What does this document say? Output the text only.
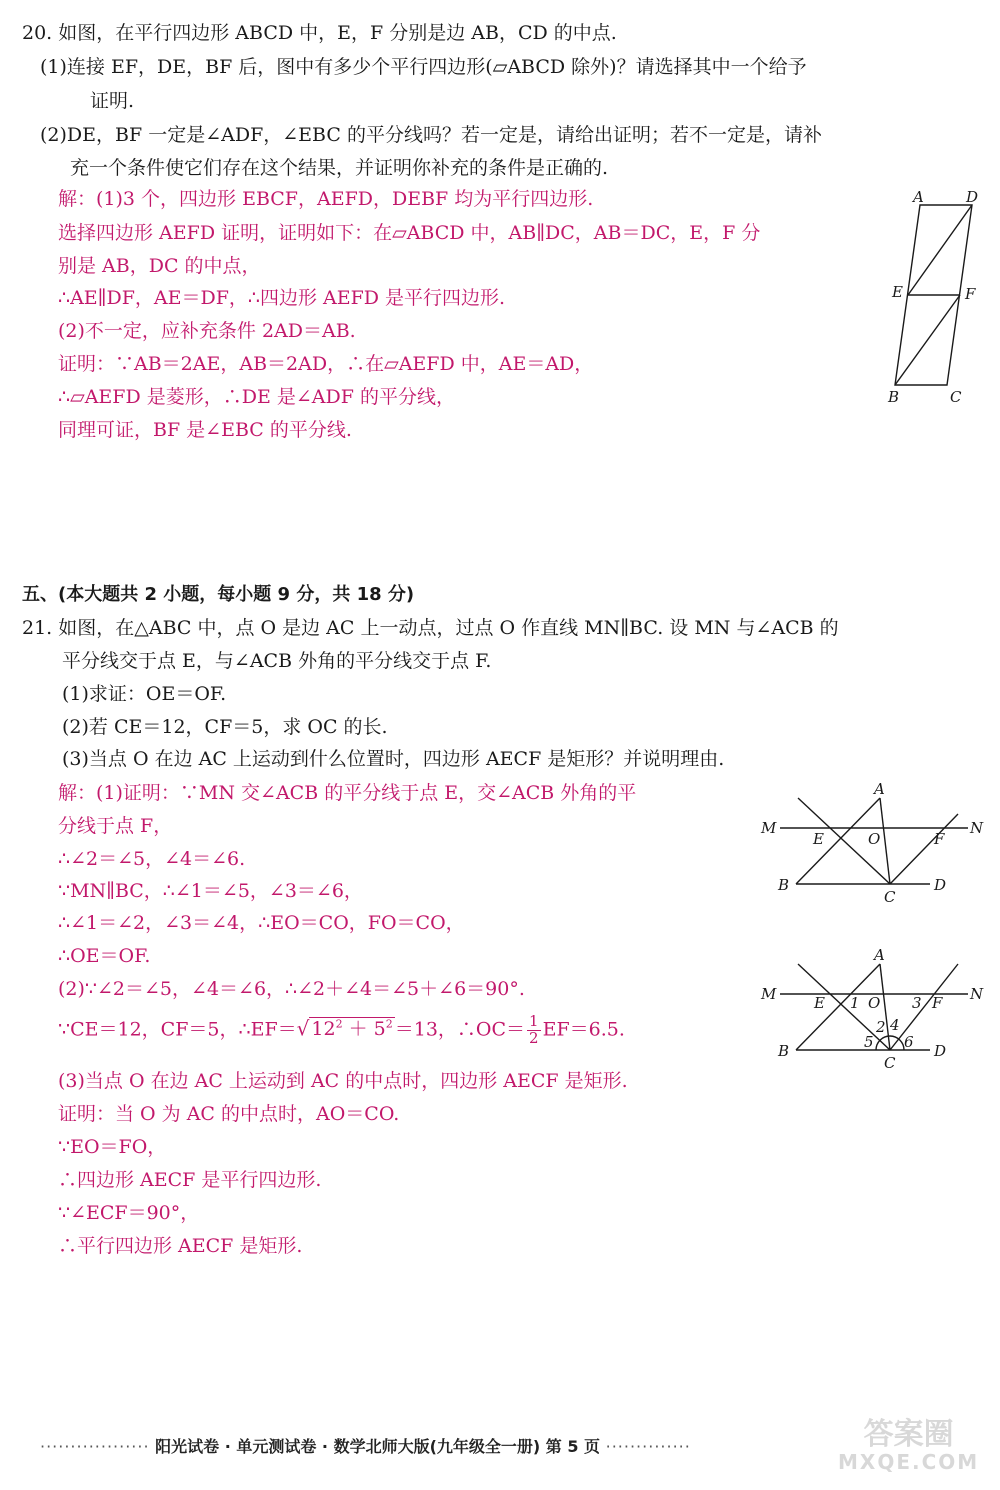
20. 如图，在平行四边形 ABCD 中，E，F 分别是边 AB，CD 的中点.
(1)连接 EF，DE，BF 后，图中有多少个平行四边形(▱ABCD 除外)？请选择其中一个给予
证明.
(2)DE，BF 一定是∠ADF，∠EBC 的平分线吗？若一定是，请给出证明；若不一定是，请补
充一个条件使它们存在这个结果，并证明你补充的条件是正确的.
解：(1)3 个，四边形 EBCF，AEFD，DEBF 均为平行四边形.
选择四边形 AEFD 证明，证明如下：在▱ABCD 中，AB∥DC，AB＝DC，E，F 分
别是 AB，DC 的中点，
∴AE∥DF，AE＝DF，∴四边形 AEFD 是平行四边形.
(2)不一定，应补充条件 2AD＝AB.
证明：∵AB＝2AE，AB＝2AD，∴在▱AEFD 中，AE＝AD，
∴▱AEFD 是菱形，∴DE 是∠ADF 的平分线，
同理可证，BF 是∠EBC 的平分线.
A	D
E	F
B	C
五、(本大题共 2 小题，每小题 9 分，共 18 分)
21. 如图，在△ABC 中，点 O 是边 AC 上一动点，过点 O 作直线 MN∥BC. 设 MN 与∠ACB 的
平分线交于点 E，与∠ACB 外角的平分线交于点 F.
(1)求证：OE＝OF.
(2)若 CE＝12，CF＝5，求 OC 的长.
(3)当点 O 在边 AC 上运动到什么位置时，四边形 AECF 是矩形？并说明理由.
解：(1)证明：∵MN 交∠ACB 的平分线于点 E，交∠ACB 外角的平
分线于点 F，
∴∠2＝∠5，∠4＝∠6.
∵MN∥BC，∴∠1＝∠5，∠3＝∠6，
∴∠1＝∠2，∠3＝∠4，∴EO＝CO，FO＝CO，
∴OE＝OF.
(2)∵∠2＝∠5，∠4＝∠6，∴∠2＋∠4＝∠5＋∠6＝90°.
∵CE＝12，CF＝5，∴EF＝√ $12^2 + 5^2 =13$，∴OC＝ $\frac{1}{2} EF=6.5$.
(3)当点 O 在边 AC 上运动到 AC 的中点时，四边形 AECF 是矩形.
证明：当 O 为 AC 的中点时，AO＝CO.
∵EO＝FO，
∴四边形 AECF 是平行四边形.
∵∠ECF＝90°，
∴平行四边形 AECF 是矩形.
M	N
A
E	O	F
B
C
D
M	N
A
E 1 O 3 F
2 4
B	5 6
C
D
·················· 阳光试卷 · 单元测试卷 · 数学北师大版(九年级全一册) 第 5 页 ··············	答案圈
MXQE.COM
